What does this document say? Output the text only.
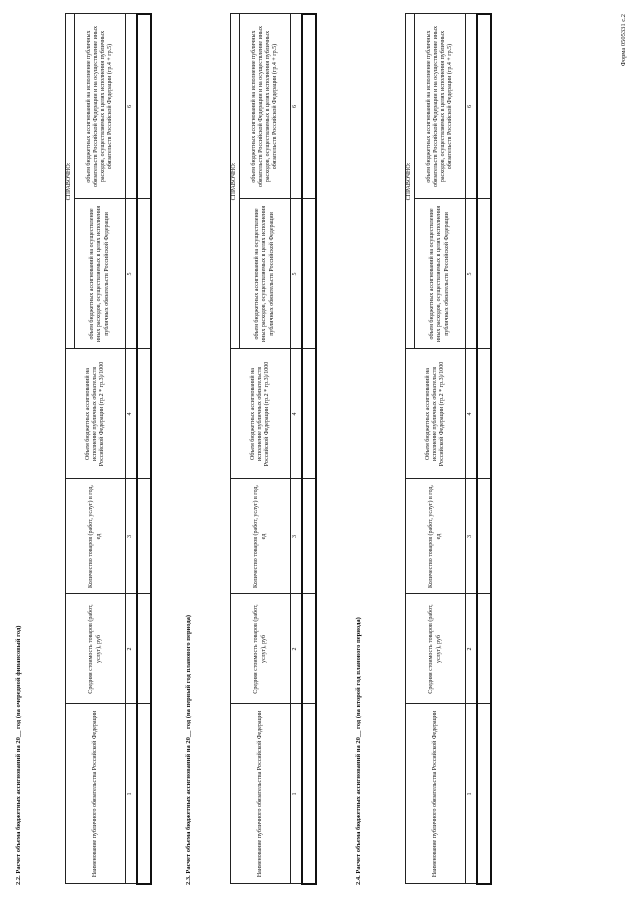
Форма 0505331 с.2
2.2. Расчет объема бюджетных ассигнований на 20__ год (на очередной финансовый год)	Наименование публичного обязательства Российской Федерации	Средняя стоимость товаров (работ, услуг), руб	Количество товаров (работ, услуг) в год, ед	Объем бюджетных ассигнований на исполнение публичных обязательств Российской Федерации (гр.2 * гр.3)/1000	СПРАВОЧНО:	
				объем бюджетных ассигнований на осуществление иных расходов, осуществляемых в целях исполнения публичных обязательств Российской Федерации	объем бюджетных ассигнований на исполнение публичных обязательств Российской Федерации и на осуществление иных расходов, осуществляемых в целях исполнения публичных обязательств Российской Федерации (гр.4 + гр.5)
1	2	3	4	5	6

2.3. Расчет объема бюджетных ассигнований на 20__ год (на первый год планового периода)	Наименование публичного обязательства Российской Федерации	Средняя стоимость товаров (работ, услуг), руб	Количество товаров (работ, услуг) в год, ед	Объем бюджетных ассигнований на исполнение публичных обязательств Российской Федерации (гр.2 * гр.3)/1000	СПРАВОЧНО:	
				объем бюджетных ассигнований на осуществление иных расходов, осуществляемых в целях исполнения публичных обязательств Российской Федерации	объем бюджетных ассигнований на исполнение публичных обязательств Российской Федерации и на осуществление иных расходов, осуществляемых в целях исполнения публичных обязательств Российской Федерации (гр.4 + гр.5)
1	2	3	4	5	6

2.4. Расчет объема бюджетных ассигнований на 20__ год (на второй год планового периода)	Наименование публичного обязательства Российской Федерации	Средняя стоимость товаров (работ, услуг), руб	Количество товаров (работ, услуг) в год, ед	Объем бюджетных ассигнований на исполнение публичных обязательств Российской Федерации (гр.2 * гр.3)/1000	СПРАВОЧНО:	
				объем бюджетных ассигнований на осуществление иных расходов, осуществляемых в целях исполнения публичных обязательств Российской Федерации	объем бюджетных ассигнований на исполнение публичных обязательств Российской Федерации и на осуществление иных расходов, осуществляемых в целях исполнения публичных обязательств Российской Федерации (гр.4 + гр.5)
1	2	3	4	5	6
